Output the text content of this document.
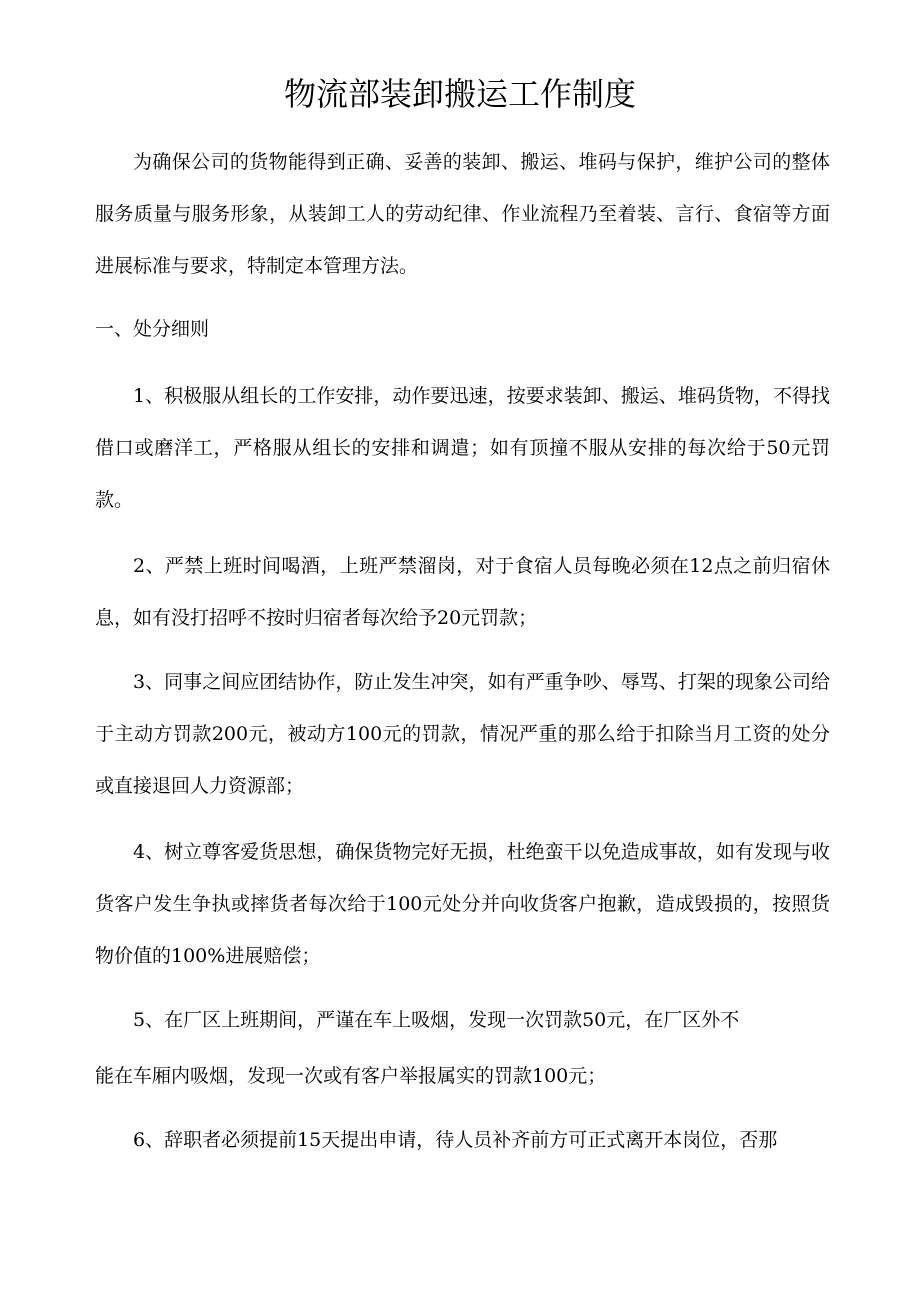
物流部装卸搬运工作制度

为确保公司的货物能得到正确、妥善的装卸、搬运、堆码与保护，维护公司的整体服务质量与服务形象，从装卸工人的劳动纪律、作业流程乃至着装、言行、食宿等方面进展标准与要求，特制定本管理方法。

一、处分细则

1、积极服从组长的工作安排，动作要迅速，按要求装卸、搬运、堆码货物，不得找借口或磨洋工，严格服从组长的安排和调遣；如有顶撞不服从安排的每次给于50元罚款。

2、严禁上班时间喝酒，上班严禁溜岗，对于食宿人员每晚必须在12点之前归宿休息，如有没打招呼不按时归宿者每次给予20元罚款；

3、同事之间应团结协作，防止发生冲突，如有严重争吵、辱骂、打架的现象公司给于主动方罚款200元，被动方100元的罚款，情况严重的那么给于扣除当月工资的处分或直接退回人力资源部；

4、树立尊客爱货思想，确保货物完好无损，杜绝蛮干以免造成事故，如有发现与收货客户发生争执或摔货者每次给于100元处分并向收货客户抱歉，造成毁损的，按照货物价值的100%进展赔偿；

5、在厂区上班期间，严谨在车上吸烟，发现一次罚款50元，在厂区外不

能在车厢内吸烟，发现一次或有客户举报属实的罚款100元；

6、辞职者必须提前15天提出申请，待人员补齐前方可正式离开本岗位，否那
